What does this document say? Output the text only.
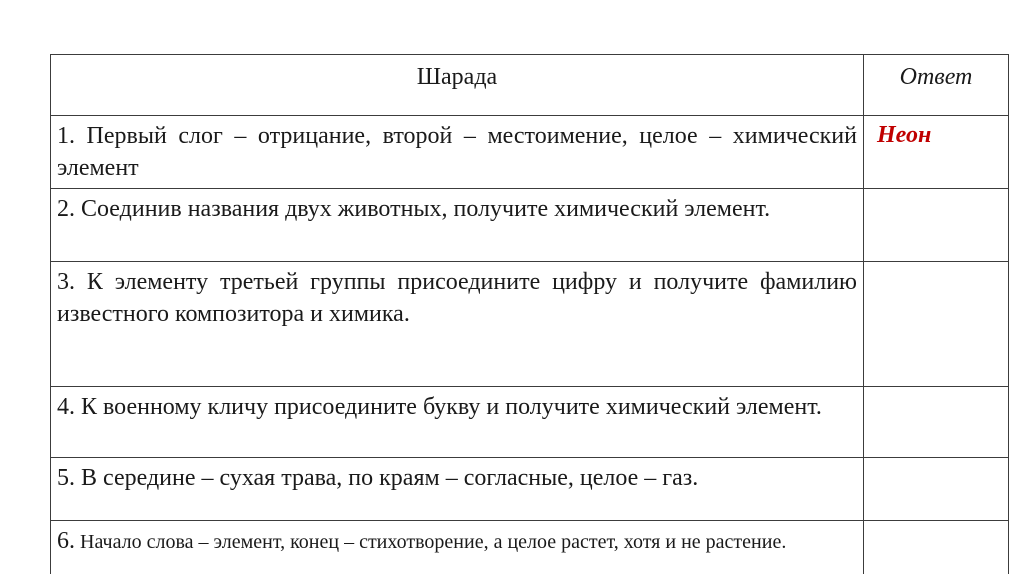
Шарада	Ответ

1. Первый слог – отрицание, второй – местоимение, целое – химический элемент	Неон

2. Соединив названия двух животных, получите химический элемент.	

3. К элементу третьей группы присоедините цифру и получите фамилию известного композитора и химика.	

4. К военному кличу присоедините букву и получите химический элемент.	

5. В середине – сухая трава, по краям – согласные, целое – газ.	

6. Начало слова – элемент, конец – стихотворение, а целое растет, хотя и не растение.	
